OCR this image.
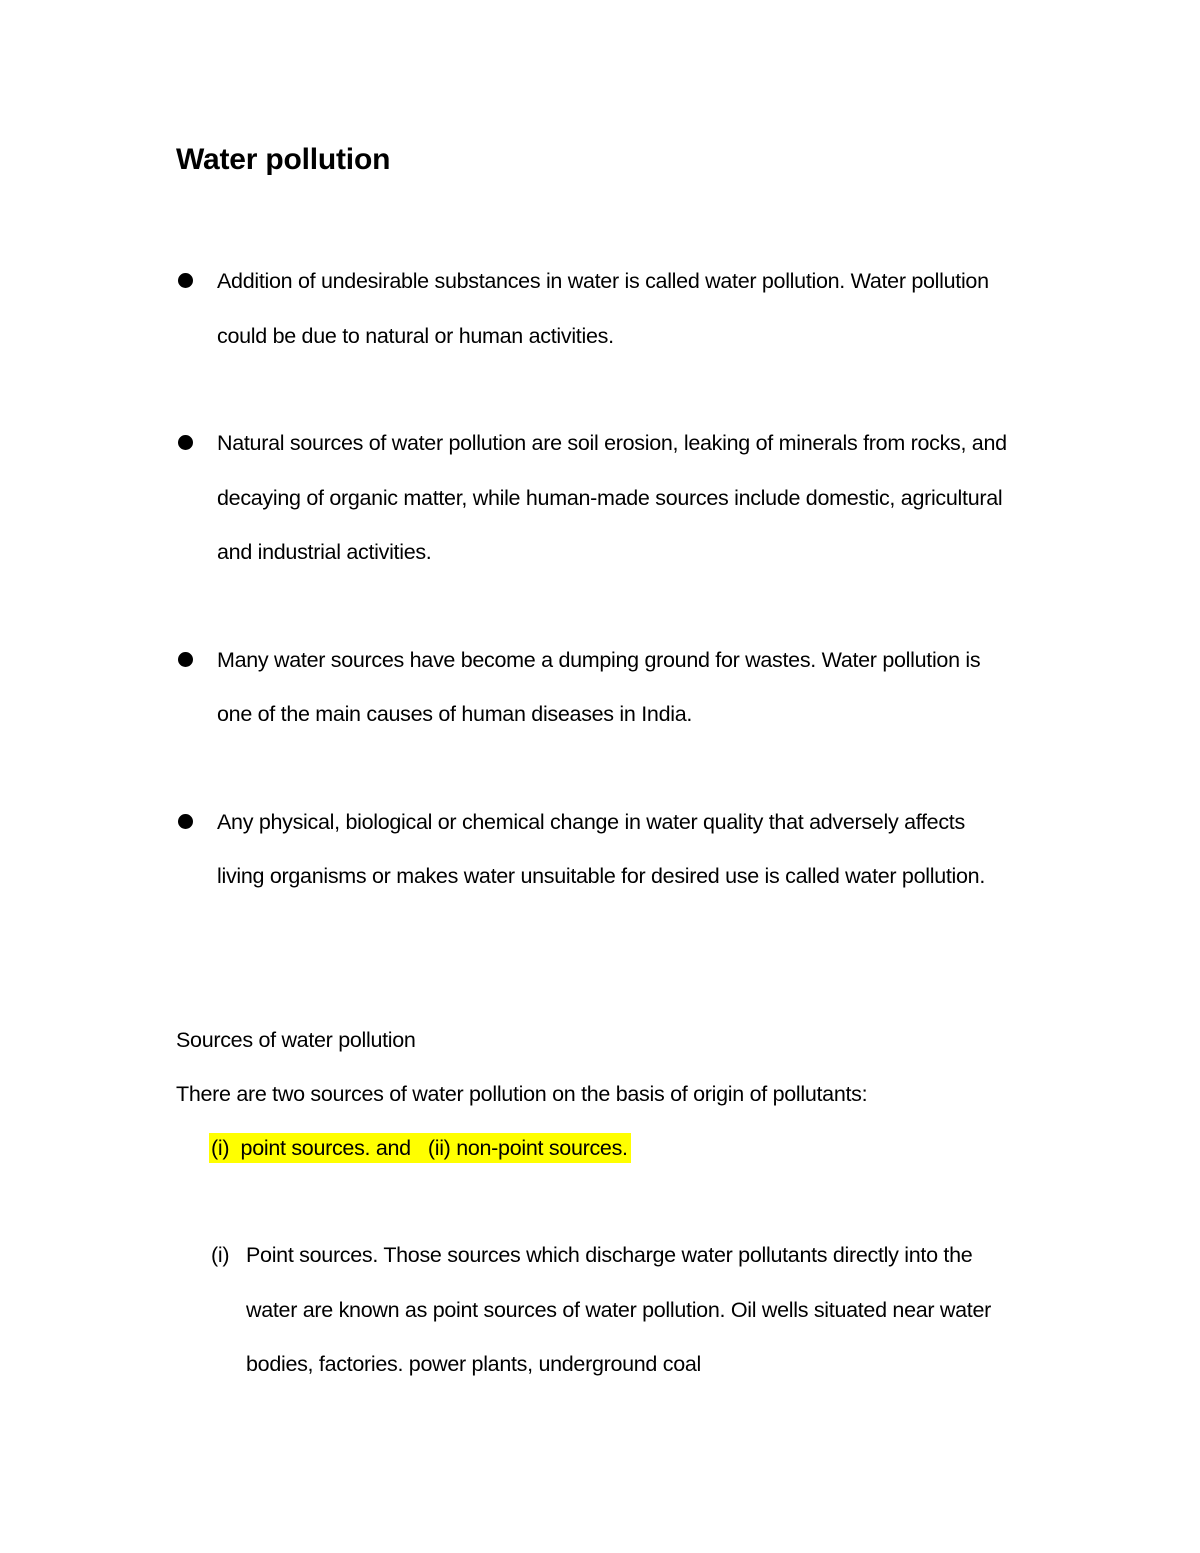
Water pollution
Addition of undesirable substances in water is called water pollution. Water pollution could be due to natural or human activities.
Natural sources of water pollution are soil erosion, leaking of minerals from rocks, and decaying of organic matter, while human-made sources include domestic, agricultural and industrial activities.
Many water sources have become a dumping ground for wastes. Water pollution is one of the main causes of human diseases in India.
Any physical, biological or chemical change in water quality that adversely affects living organisms or makes water unsuitable for desired use is called water pollution.

Sources of water pollution

There are two sources of water pollution on the basis of origin of pollutants:

(i)  point sources. and   (ii) non-point sources.
(i) Point sources. Those sources which discharge water pollutants directly into the water are known as point sources of water pollution. Oil wells situated near water bodies, factories. power plants, underground coal
